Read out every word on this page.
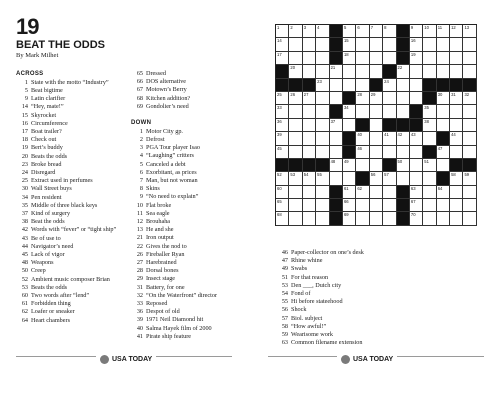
19
BEAT THE ODDS
By Mark Milhet
ACROSS
1 State with the motto “Industry”
5 Beat bigtime
9 Latin clarifier
14 “Hey, mate!”
15 Skyrocket
16 Circumference
17 Boat trailer?
18 Check out
19 Bert’s buddy
20 Beats the odds
23 Broke bread
24 Disregard
25 Extract used in perfumes
30 Wall Street buys
34 Pen resident
35 Middle of three black keys
37 Kind of surgery
38 Beat the odds
42 Words with “fever” or “tight ship”
43 Be of use to
44 Navigator’s need
45 Lack of vigor
48 Weapons
50 Creep
52 Ambient music composer Brian
53 Beats the odds
60 Two words after “lend”
61 Forbidden thing
62 Loafer or sneaker
64 Heart chambers
65 Dressed
66 DOS alternative
67 Motown’s Berry
68 Kitchen addition?
69 Gondolier’s need
DOWN
1 Motor City gp.
2 Defrost
3 PGA Tour player Isao
4 “Laughing” critters
5 Canceled a debt
6 Exorbitant, as prices
7 Man, but not woman
8 Skins
9 “No need to explain”
10 Flat broke
11 Sea eagle
12 Brouhaha
13 He and she
21 Iron output
22 Gives the nod to
26 Fireballer Ryan
27 Harebrained
28 Dorsal bones
29 Insect stage
31 Battery, for one
32 “On the Waterfront” director
33 Reposed
36 Despot of old
39 1971 Neil Diamond hit
40 Salma Hayek film of 2000
41 Pirate ship feature
USA TODAY
1	2	3	4	5	6	7	8	9	10 11 12 13
14	15	16
17	18	19
20	21	22
23	24
25 26 27	28 29	30 31 32
33	34	35
36	37	38
39	40	41 42 43	44
45	46	47
48 49	50	51
52 53 54 55	56 57	58 59
60	61 62	63	64
65	66	67
68	69	70
46 Paper-collector on one’s desk
47 Rhine whine
49 Swabs
51 For that reason
53 Den ___, Dutch city
54 Fond of
55 Hi before stateehood
56 Shock
57 Biol. subject
58 “How awful!”
59 Wearisome work
63 Common filename extension
USA TODAY
